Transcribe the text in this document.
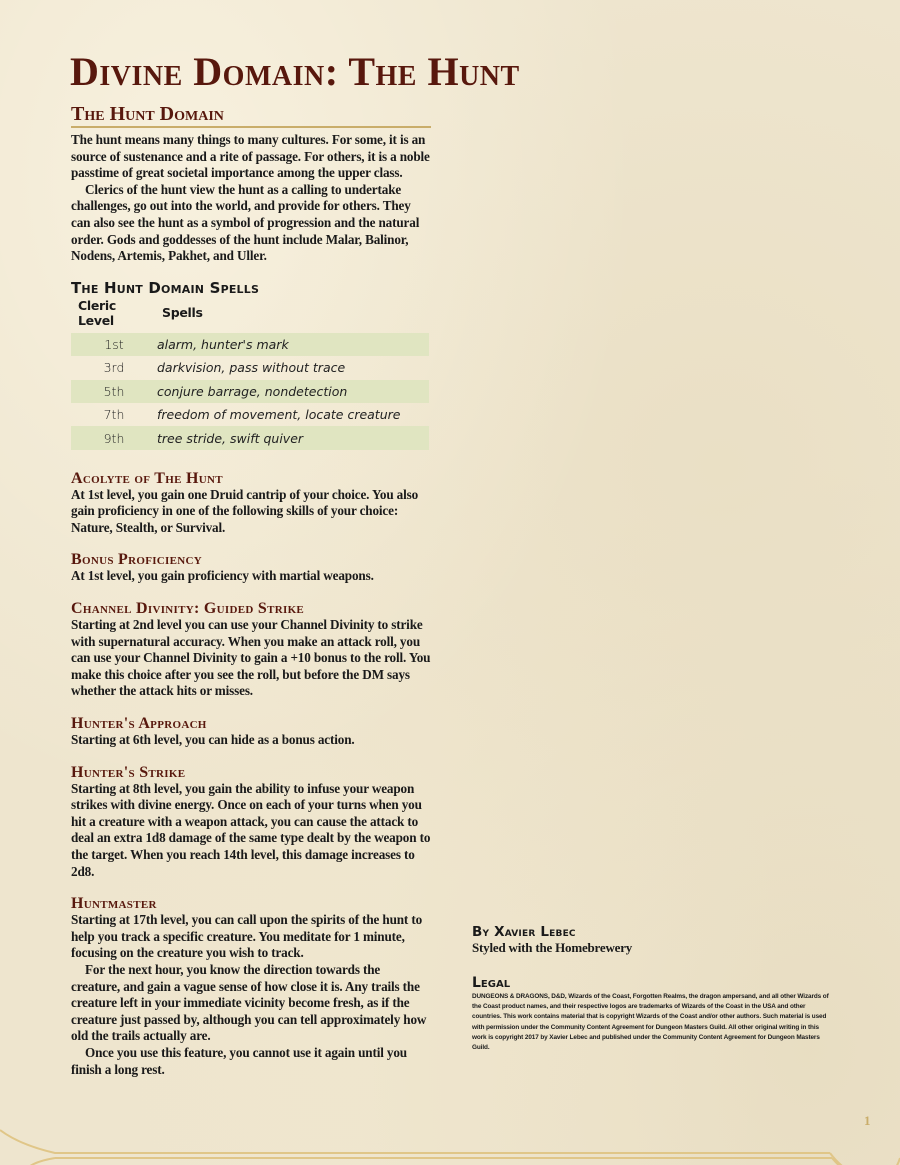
Divine Domain: The Hunt
The Hunt Domain

The hunt means many things to many cultures. For some, it is an source of sustenance and a rite of passage. For others, it is a noble passtime of great societal importance among the upper class.

Clerics of the hunt view the hunt as a calling to undertake challenges, go out into the world, and provide for others. They can also see the hunt as a symbol of progression and the natural order. Gods and goddesses of the hunt include Malar, Balinor, Nodens, Artemis, Pakhet, and Uller.

The Hunt Domain Spells
Cleric Level	Spells
1st	alarm, hunter's mark
3rd	darkvision, pass without trace
5th	conjure barrage, nondetection
7th	freedom of movement, locate creature
9th	tree stride, swift quiver
Acolyte of The Hunt

At 1st level, you gain one Druid cantrip of your choice. You also gain proficiency in one of the following skills of your choice: Nature, Stealth, or Survival.

Bonus Proficiency

At 1st level, you gain proficiency with martial weapons.

Channel Divinity: Guided Strike

Starting at 2nd level you can use your Channel Divinity to strike with supernatural accuracy. When you make an attack roll, you can use your Channel Divinity to gain a +10 bonus to the roll. You make this choice after you see the roll, but before the DM says whether the attack hits or misses.

Hunter's Approach

Starting at 6th level, you can hide as a bonus action.

Hunter's Strike

Starting at 8th level, you gain the ability to infuse your weapon strikes with divine energy. Once on each of your turns when you hit a creature with a weapon attack, you can cause the attack to deal an extra 1d8 damage of the same type dealt by the weapon to the target. When you reach 14th level, this damage increases to 2d8.

Huntmaster

Starting at 17th level, you can call upon the spirits of the hunt to help you track a specific creature. You meditate for 1 minute, focusing on the creature you wish to track.

For the next hour, you know the direction towards the creature, and gain a vague sense of how close it is. Any trails the creature left in your immediate vicinity become fresh, as if the creature just passed by, although you can tell approximately how old the trails actually are.

Once you use this feature, you cannot use it again until you finish a long rest.

By Xavier Lebec
Styled with the Homebrewery
Legal
DUNGEONS & DRAGONS, D&D, Wizards of the Coast, Forgotten Realms, the dragon ampersand, and all other Wizards of the Coast product names, and their respective logos are trademarks of Wizards of the Coast in the USA and other countries. This work contains material that is copyright Wizards of the Coast and/or other authors. Such material is used with permission under the Community Content Agreement for Dungeon Masters Guild. All other original writing in this work is copyright 2017 by Xavier Lebec and published under the Community Content Agreement for Dungeon Masters Guild.
1
